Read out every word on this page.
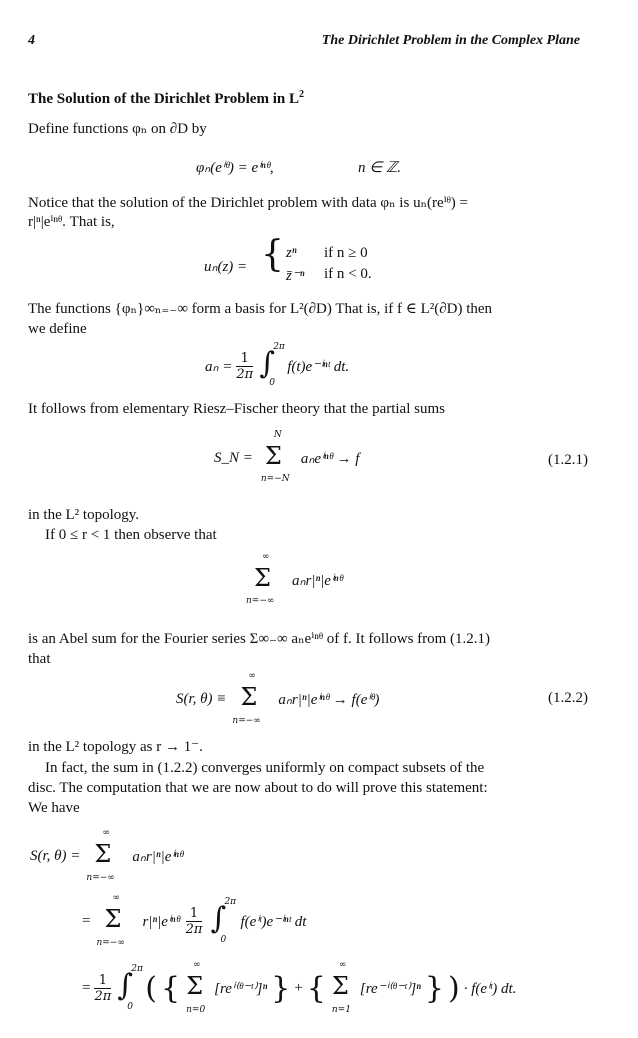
4	The Dirichlet Problem in the Complex Plane
The Solution of the Dirichlet Problem in $L^2$
Define functions φₙ on ∂D by
φₙ(eⁱᶿ) = eⁱⁿᶿ,	n ∈ ℤ.
Notice that the solution of the Dirichlet problem with data φₙ is uₙ(reⁱᶿ) =
r|ⁿ|eⁱⁿᶿ. That is,
uₙ(z) = { zⁿ if n ≥ 0
z̄⁻ⁿ if n < 0.
The functions {φₙ}∞ₙ₌₋∞ form a basis for L²(∂D) That is, if f ∈ L²(∂D) then
we define
$a_n = \frac{1}{2\pi}$ ∫
2π
0
f(t)e⁻ⁱⁿᵗ dt.
It follows from elementary Riesz–Fischer theory that the partial sums
S_N = Σ
N
n=−N
aₙeⁱⁿᶿ → f	(1.2.1)
in the L² topology.
If 0 ≤ r < 1 then observe that
Σ
∞
n=−∞
aₙr|ⁿ|eⁱⁿᶿ
is an Abel sum for the Fourier series Σ∞₋∞ aₙeⁱⁿᶿ of f. It follows from (1.2.1)
that
S(r, θ) ≡ Σ
∞
n=−∞
aₙr|ⁿ|eⁱⁿᶿ → f(eⁱᶿ)	(1.2.2)
in the L² topology as r → 1⁻.
In fact, the sum in (1.2.2) converges uniformly on compact subsets of the
disc. The computation that we are now about to do will prove this statement:
We have
S(r, θ) = Σ
∞
n=−∞
aₙr|ⁿ|eⁱⁿᶿ
= Σ
∞
n=−∞
r|ⁿ|eⁱⁿᶿ $\frac{1}{2\pi}$ ∫
2π
0
f(eⁱᵗ)e⁻ⁱⁿᵗ dt
= $\frac{1}{2\pi}$ ∫
2π
0
( { Σ
∞
n=0
[reⁱ⁽ᶿ⁻ᵗ⁾]ⁿ } + { Σ
∞
n=1
[re⁻ⁱ⁽ᶿ⁻ᵗ⁾]ⁿ } ) · f(eⁱᵗ) dt.
